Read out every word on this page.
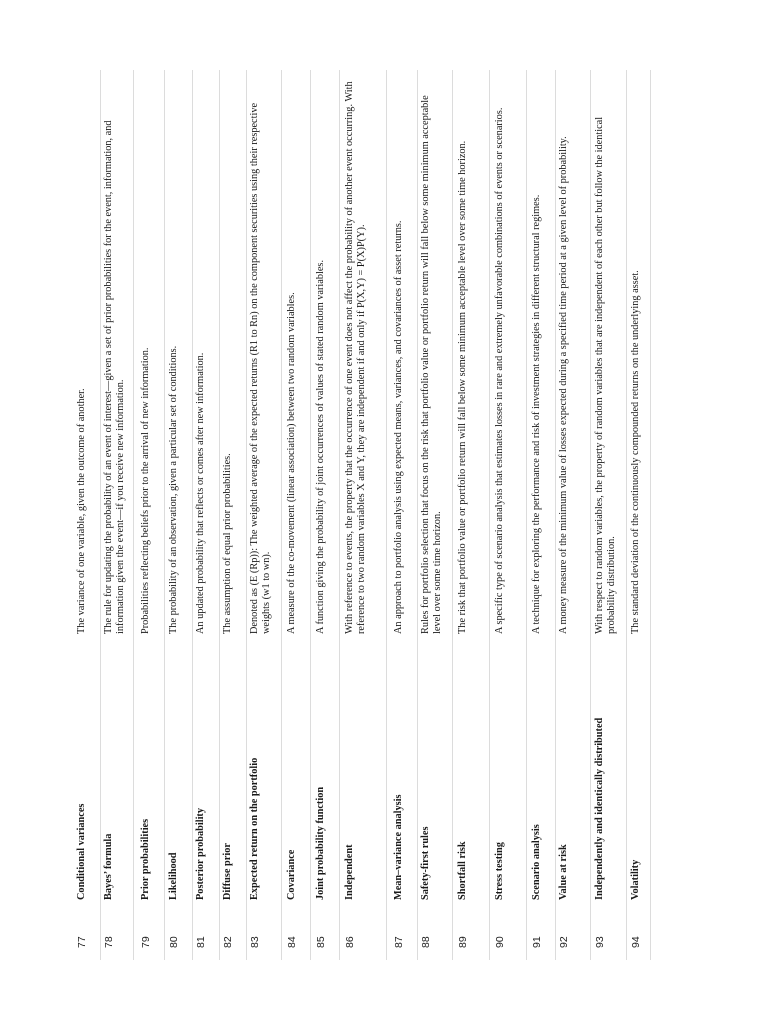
77
Conditional variances
The variance of one variable, given the outcome of another.
78
Bayes’ formula
The rule for updating the probability of an event of interest—given a set of prior probabilities for the event, information, and information given the event—if you receive new information.
79
Prior probabilities
Probabilities reflecting beliefs prior to the arrival of new information.
80
Likelihood
The probability of an observation, given a particular set of conditions.
81
Posterior probability
An updated probability that reflects or comes after new information.
82
Diffuse prior
The assumption of equal prior probabilities.
83
Expected return on the portfolio
Denoted as (E (Rp)): The weighted average of the expected returns (R1 to Rn) on the component securities using their respective weights (w1 to wn).
84
Covariance
A measure of the co-movement (linear association) between two random variables.
85
Joint probability function
A function giving the probability of joint occurrences of values of stated random variables.
86
Independent
With reference to events, the property that the occurrence of one event does not affect the probability of another event occurring. With reference to two random variables X and Y, they are independent if and only if P(X,Y) = P(X)P(Y).
87
Mean–variance analysis
An approach to portfolio analysis using expected means, variances, and covariances of asset returns.
88
Safety-first rules
Rules for portfolio selection that focus on the risk that portfolio value or portfolio return will fall below some minimum acceptable level over some time horizon.
89
Shortfall risk
The risk that portfolio value or portfolio return will fall below some minimum acceptable level over some time horizon.
90
Stress testing
A specific type of scenario analysis that estimates losses in rare and extremely unfavorable combinations of events or scenarios.
91
Scenario analysis
A technique for exploring the performance and risk of investment strategies in different structural regimes.
92
Value at risk
A money measure of the minimum value of losses expected during a specified time period at a given level of probability.
93
Independently and identically distributed
With respect to random variables, the property of random variables that are independent of each other but follow the identical probability distribution.
94
Volatility
The standard deviation of the continuously compounded returns on the underlying asset.
